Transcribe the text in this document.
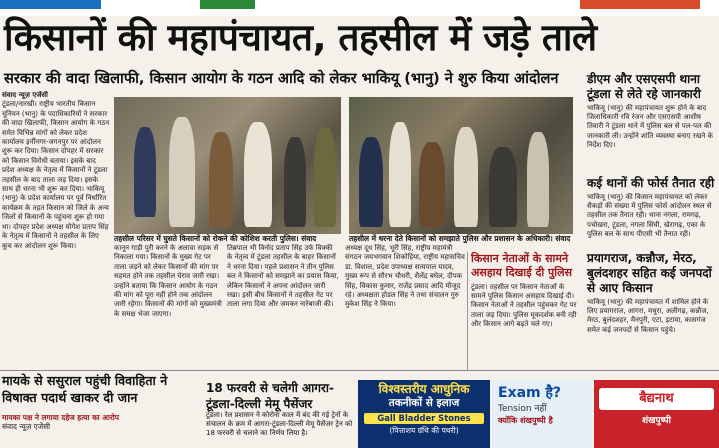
किसानों की महापंचायत, तहसील में जड़े ताले
सरकार की वादा खिलाफी, किसान आयोग के गठन आदि को लेकर भाकियू (भानु) ने शुरु किया आंदोलन
संवाद न्यूज़ एजेंसी
टूंडला/नारखी। राष्ट्रीय भारतीय किसान यूनियन (भानु) के पदाधिकारियों ने सरकार की वादा खिलाफी, किसान आयोग के गठन समेत विभिन्न मांगों को लेकर प्रदेश कार्यालय इर्नौनगर-जगनपुर पर आंदोलन शुरू कर दिया। किसान दोपहर में सरकार को किसान विरोधी बताया। इसके बाद प्रदेश अध्यक्ष के नेतृत्व में किसानों ने टूंडला तहसील के बाद ताला जड़ दिया। इसके साथ ही धरना भी शुरू कर दिया। भाकियू (भानु) के प्रदेश कार्यालय पर पूर्व निर्धारित कार्यक्रम के तहत किसान को जिले के अन्य जिलों से किसानों के पहुंचना शुरू हो गया था। दोपहर प्रदेश अध्यक्ष योगेश प्रताप सिंह के नेतृत्व में किसानों ने तहसील के लिए कूच कर आंदोलन शुरू किया।
तहसील परिसर में घुसते किसानों को रोकने की कोशिश करती पुलिस। संवाद	तहसील में धरना देते किसानों को समझाते पुलिस और प्रशासन के अधिकारी। संवाद
कानून गाड़ी पुरी करने के अलावा सड़क से निकाला गया। किसानों के मुख्य गेट पर ताला जड़ने को लेकर किसानों की मांग पर सहमत होने तक तहसील घेराव जारी रखा। उन्होंने बताया कि किसान आयोग के गठन की मांग को पूरा नहीं होने तक आंदोलन जारी रहेगा। किसानों की मांगों को मुख्यमंत्री के समक्ष भेजा जाएगा।
तिब्रपाल भी विनोद प्रताप सिंह उर्फ विक्की के नेतृत्व में टूंडला तहसील के बाहर किसानों ने धरना दिया। पहले प्रशासन ने तीन पुलिस बल ने किसानों को समझाने का प्रयास किया, लेकिन किसानों ने अपना आंदोलन जारी रखा। इसी बीच किसानों ने तहसील गेट पर ताला लगा दिया और जमकर नारेबाजी की।
अध्यक्ष दूध सिंह, भूरी सिंह, राष्ट्रीय महामंत्री संगठन जयभगवान शिकोहिया, राष्ट्रीय महासचिव डा. विशाल, प्रदेश उपाध्यक्ष सत्यपाल यादव, मुख्य रूप से सौरभ चौधरी, शैलेंद्र बघेल, दीपक सिंह, विकास कुमार, राजेंद्र प्रसाद आदि मौजूद रहे। अध्यक्षता होडल सिंह ने तथा संचालन गुरु मुकेश सिंह ने किया।
किसान नेताओं के सामने असहाय दिखाई दी पुलिस
टूंडला। तहसील पर किसान नेताओं के सामने पुलिस किसान असहाय दिखाई दी। किसान नेताओं ने तहसील पहुंचकर गेट पर ताला जड़ दिया। पुलिस मूकदर्शक बनी रही और किसान आगे बढ़ते चले गए।
डीएम और एसएसपी थाना टूंडला से लेते रहे जानकारी
भाकियू (भानु) की महापंचायत शुरू होने के बाद जिलाधिकारी रवि रंजन और एसएसपी आशीष तिवारी ने टूंडला थाने में पुलिस बल से पल-पल की जानकारी ली। उन्होंने शांति व्यवस्था बनाए रखने के निर्देश दिए।
कई थानों की फोर्स तैनात रही
भाकियू (भानु) की किसान महापंचायत को लेकर सैकड़ों की संख्या में पुलिस फोर्स आंदोलन स्थल से तहसील तक तैनात रही। थाना नगला, रामगढ़, पचोखरा, टूंडला, नगला सिंघी, खेरागढ़, एका के पुलिस बल के साथ पीएसी भी तैनात रही।
प्रयागराज, कन्नौज, मेरठ, बुलंदशहर सहित कई जनपदों से आए किसान
भाकियू (भानु) की महापंचायत में शामिल होने के लिए प्रयागराज, आगरा, मथुरा, अलीगढ़, कन्नौज, मेरठ, बुलंदशहर, मैनपुरी, एटा, इटावा, कासगंज समेत कई जनपदों से किसान पहुंचे।
मायके से ससुराल पहुंची विवाहिता ने विषाक्त पदार्थ खाकर दी जान
मायका पक्ष ने लगाया दहेज हत्या का आरोप
संवाद न्यूज़ एजेंसी
18 फरवरी से चलेगी आगरा-टूंडला-दिल्ली मेमू पैसेंजर
टूंडला। रेल प्रशासन ने कोरोना काल में बंद की गई ट्रेनों के संचालन के क्रम में आगरा-टूंडला-दिल्ली मेमू पैसेंजर ट्रेन को 18 फरवरी से चलाने का निर्णय लिया है।
विश्वस्तरीय आधुनिक
तकनीकों से इलाज
Gall Bladder Stones
(पित्ताशय ग्रंथि की पथरी)
Exam है?
Tension नहीं
क्योंकि शंखपुष्पी है
बैद्यनाथ
शंखपुष्पी
